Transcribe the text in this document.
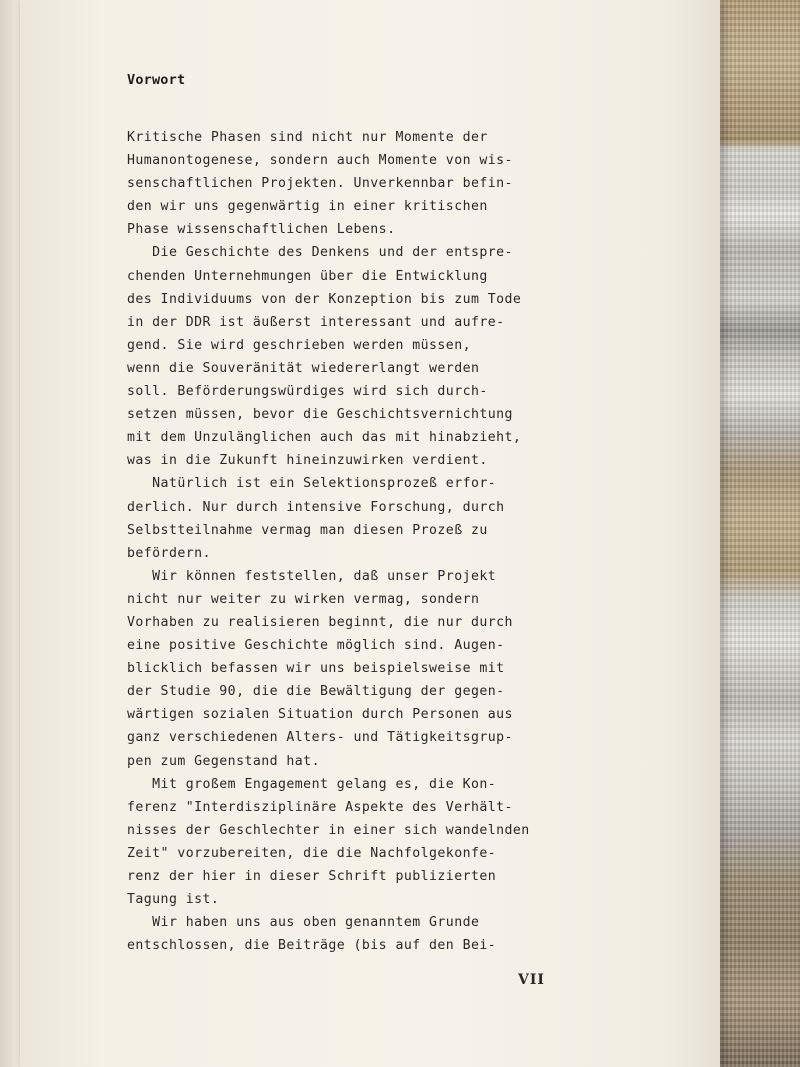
Vorwort
Kritische Phasen sind nicht nur Momente der
Humanontogenese, sondern auch Momente von wis-
senschaftlichen Projekten. Unverkennbar befin-
den wir uns gegenwärtig in einer kritischen
Phase wissenschaftlichen Lebens.
Die Geschichte des Denkens und der entspre-
chenden Unternehmungen über die Entwicklung
des Individuums von der Konzeption bis zum Tode
in der DDR ist äußerst interessant und aufre-
gend. Sie wird geschrieben werden müssen,
wenn die Souveränität wiedererlangt werden
soll. Beförderungswürdiges wird sich durch-
setzen müssen, bevor die Geschichtsvernichtung
mit dem Unzulänglichen auch das mit hinabzieht,
was in die Zukunft hineinzuwirken verdient.
Natürlich ist ein Selektionsprozeß erfor-
derlich. Nur durch intensive Forschung, durch
Selbstteilnahme vermag man diesen Prozeß zu
befördern.
Wir können feststellen, daß unser Projekt
nicht nur weiter zu wirken vermag, sondern
Vorhaben zu realisieren beginnt, die nur durch
eine positive Geschichte möglich sind. Augen-
blicklich befassen wir uns beispielsweise mit
der Studie 90, die die Bewältigung der gegen-
wärtigen sozialen Situation durch Personen aus
ganz verschiedenen Alters- und Tätigkeitsgrup-
pen zum Gegenstand hat.
Mit großem Engagement gelang es, die Kon-
ferenz "Interdisziplinäre Aspekte des Verhält-
nisses der Geschlechter in einer sich wandelnden
Zeit" vorzubereiten, die die Nachfolgekonfe-
renz der hier in dieser Schrift publizierten
Tagung ist.
Wir haben uns aus oben genanntem Grunde
entschlossen, die Beiträge (bis auf den Bei-
VII
